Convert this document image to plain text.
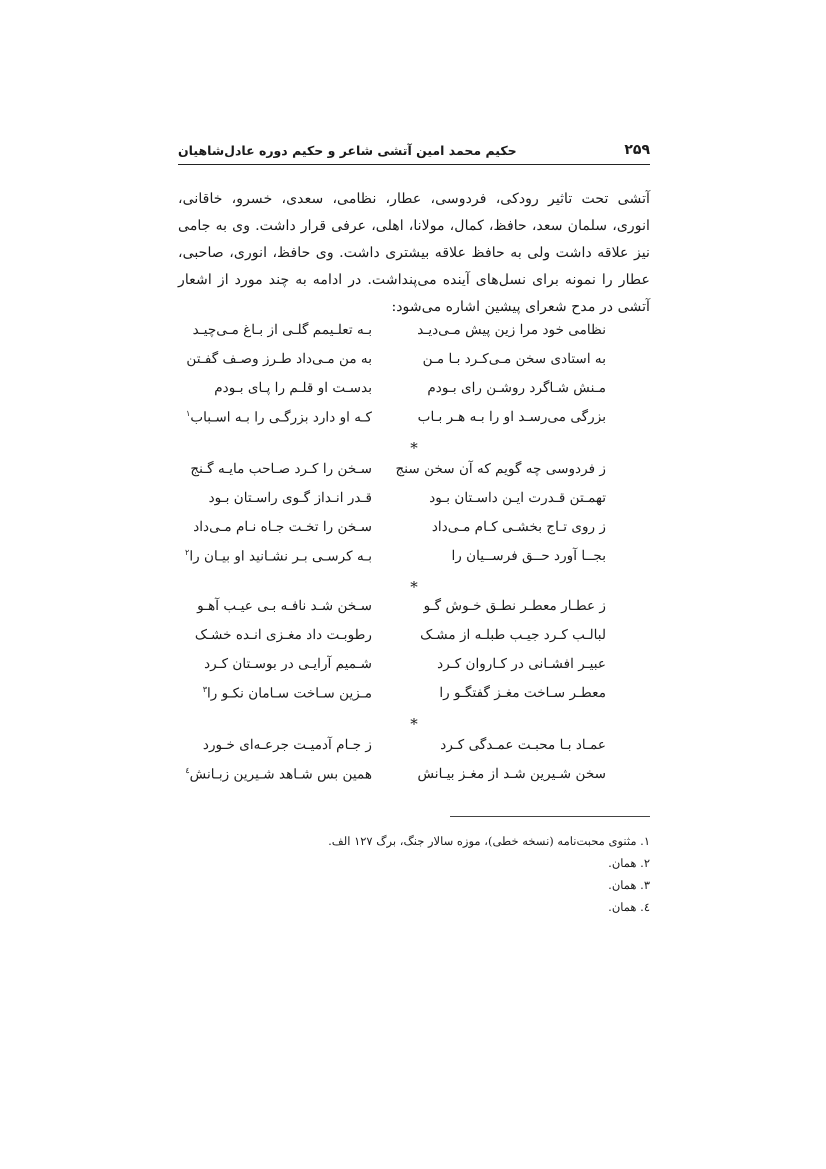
۲۵۹
حکیم محمد امین آتشی شاعر و حکیم دوره عادل‌شاهیان
آتشی تحت تاثیر رودکی، فردوسی، عطار، نظامی، سعدی، خسرو، خاقانی، انوری، سلمان سعد، حافظ، کمال، مولانا، اهلی، عرفی قرار داشت. وی به جامی نیز علاقه داشت ولی به حافظ علاقه بیشتری داشت. وی حافظ، انوری، صاحبی، عطار را نمونه برای نسل‌های آینده می‌پنداشت. در ادامه به چند مورد از اشعار آتشی در مدح شعرای پیشین اشاره می‌شود:
نظامی خود مرا زین پیش مـی‌دیـد
بـه تعلـیمم گلـی از بـاغ مـی‌چیـد
به استادی سخن مـی‌کـرد بـا مـن
به من مـی‌داد طـرز وصـف گفـتن
مـنش شـاگرد روشـن رای بـودم
بدسـت او قلـم را پـای بـودم
بزرگی می‌رسـد او را بـه هـر بـاب
کـه او دارد بزرگـی را بـه اسـباب$^۱$
*
ز فردوسی چه گویم که آن سخن سنج
سـخن را کـرد صـاحب مایـه گـنج
تهمـتن قـدرت ایـن داسـتان بـود
قـدر انـداز گـوی راسـتان بـود
ز روی تـاج بخشـی کـام مـی‌داد
سـخن را تخـت جـاه نـام مـی‌داد
بجــا آورد حــق فرســیان را
بـه کرسـی بـر نشـانید او بیـان را$^۲$
*
ز عطـار معطـر نطـق خـوش گـو
سـخن شـد نافـه بـی عیـب آهـو
لبالـب کـرد جیـب طبلـه از مشـک
رطوبـت داد مغـزی انـده خشـک
عبیـر افشـانی در کـاروان کـرد
شـمیم آرایـی در بوسـتان کـرد
معطـر سـاخت مغـز گفتگـو را
مـزین سـاخت سـامان نکـو را$^۳$
*
عمـاد بـا محبـت عمـدگی کـرد
ز جـام آدمیـت جرعـه‌ای خـورد
سخن شـیرین شـد از مغـز بیـانش
همین بس شـاهد شـیرین زبـانش$^٤$
۱. مثنوی محبت‌نامه (نسخه خطی)، موزه سالار جنگ، برگ ۱۲۷ الف.
۲. همان.
۳. همان.
٤. همان.
